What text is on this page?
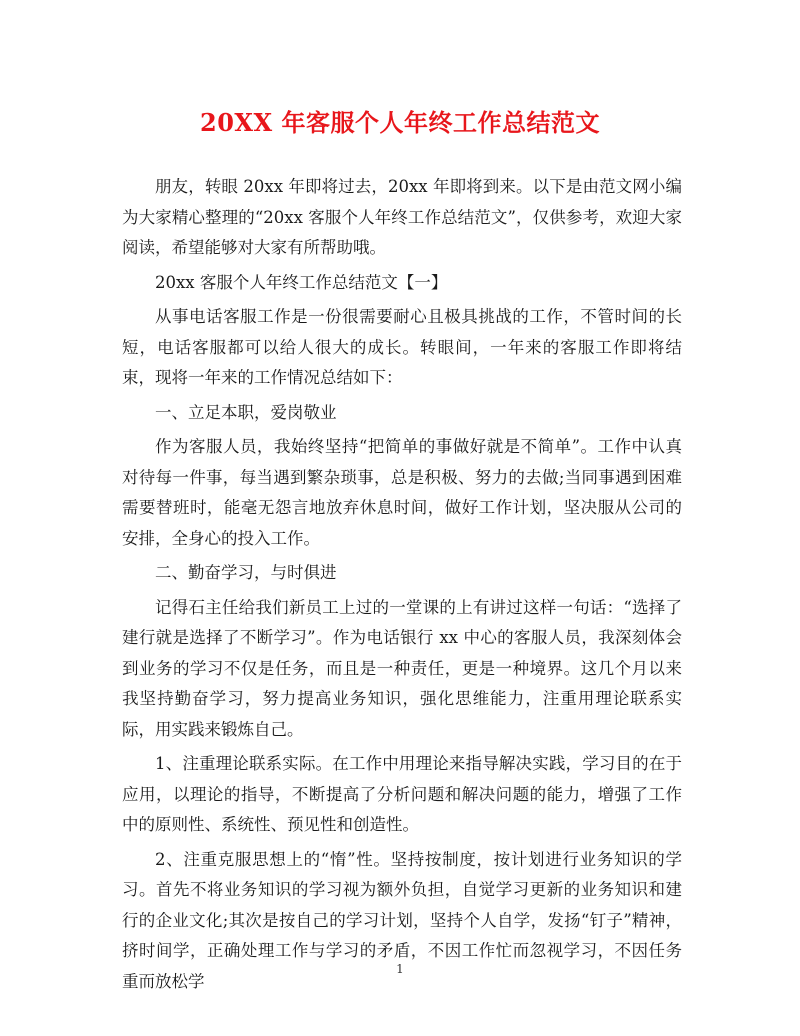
20XX 年客服个人年终工作总结范文

朋友，转眼 20xx 年即将过去，20xx 年即将到来。以下是由范文网小编为大家精心整理的“20xx 客服个人年终工作总结范文”，仅供参考，欢迎大家阅读，希望能够对大家有所帮助哦。

20xx 客服个人年终工作总结范文【一】

从事电话客服工作是一份很需要耐心且极具挑战的工作，不管时间的长短，电话客服都可以给人很大的成长。转眼间，一年来的客服工作即将结束，现将一年来的工作情况总结如下：

一、立足本职，爱岗敬业

作为客服人员，我始终坚持“把简单的事做好就是不简单”。工作中认真对待每一件事，每当遇到繁杂琐事，总是积极、努力的去做;当同事遇到困难需要替班时，能毫无怨言地放弃休息时间，做好工作计划，坚决服从公司的安排，全身心的投入工作。

二、勤奋学习，与时俱进

记得石主任给我们新员工上过的一堂课的上有讲过这样一句话：“选择了建行就是选择了不断学习”。作为电话银行 xx 中心的客服人员，我深刻体会到业务的学习不仅是任务，而且是一种责任，更是一种境界。这几个月以来我坚持勤奋学习，努力提高业务知识，强化思维能力，注重用理论联系实际，用实践来锻炼自己。

1、注重理论联系实际。在工作中用理论来指导解决实践，学习目的在于应用，以理论的指导，不断提高了分析问题和解决问题的能力，增强了工作中的原则性、系统性、预见性和创造性。

2、注重克服思想上的“惰”性。坚持按制度，按计划进行业务知识的学习。首先不将业务知识的学习视为额外负担，自觉学习更新的业务知识和建行的企业文化;其次是按自己的学习计划，坚持个人自学，发扬“钉子”精神，挤时间学，正确处理工作与学习的矛盾，不因工作忙而忽视学习，不因任务重而放松学

1
